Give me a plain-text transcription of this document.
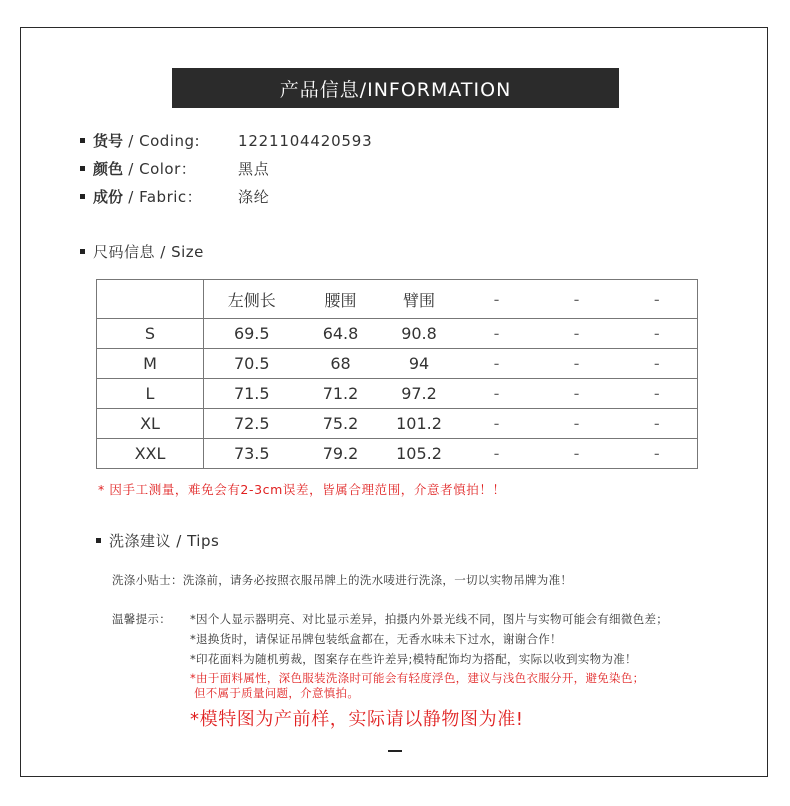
产品信息/INFORMATION
货号 / Coding:	1221104420593
颜色 / Color：	黑点
成份 / Fabric：	涤纶
尺码信息 / Size
	左侧长	腰围	臂围	-	-	-
S	69.5	64.8	90.8	-	-	-
M	70.5	68	94	-	-	-
L	71.5	71.2	97.2	-	-	-
XL	72.5	75.2	101.2	-	-	-
XXL	73.5	79.2	105.2	-	-	-
* 因手工测量，难免会有2-3cm误差，皆属合理范围，介意者慎拍！！
洗涤建议 / Tips
洗涤小贴士：洗涤前，请务必按照衣服吊牌上的洗水唛进行洗涤，一切以实物吊牌为准！
温馨提示： *因个人显示器明亮、对比显示差异，拍摄内外景光线不同，图片与实物可能会有细微色差；
*退换货时，请保证吊牌包装纸盒都在，无香水味未下过水，谢谢合作！
*印花面料为随机剪裁，图案存在些许差异;模特配饰均为搭配，实际以收到实物为准！
*由于面料属性，深色服装洗涤时可能会有轻度浮色，建议与浅色衣服分开，避免染色；
但不属于质量问题，介意慎拍。
*模特图为产前样，实际请以静物图为准!
